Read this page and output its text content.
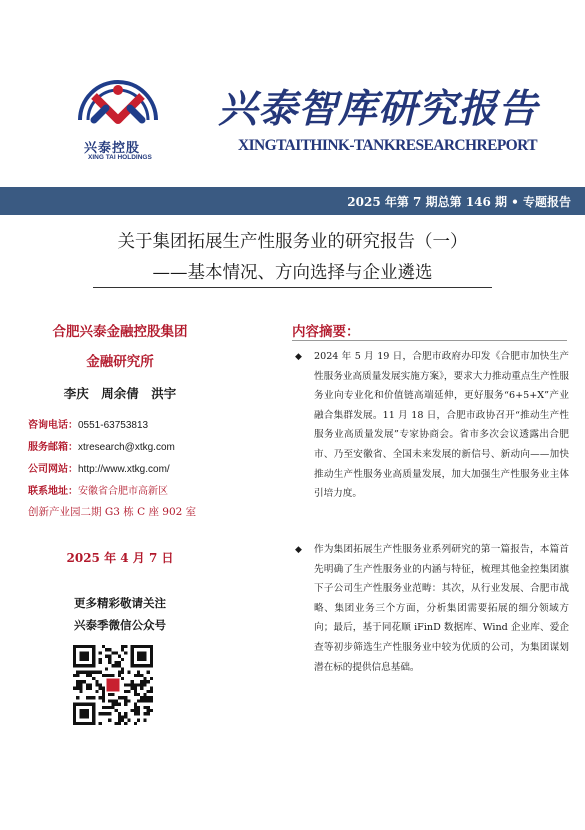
兴泰控股
XING TAI HOLDINGS
兴泰智库研究报告
XINGTAITHINK-TANKRESEARCHREPORT
2025 年第 7 期总第 146 期 • 专题报告
关于集团拓展生产性服务业的研究报告（一）
——基本情况、方向选择与企业遴选
合肥兴泰金融控股集团
金融研究所
李庆　周余倩　洪宇
咨询电话：0551-63753813
服务邮箱：xtresearch@xtkg.com
公司网站：http://www.xtkg.com/
联系地址：安徽省合肥市高新区
创新产业园二期 G3 栋 C 座 902 室
2025 年 4 月 7 日
更多精彩敬请关注
兴泰季微信公众号
内容摘要：
◆ 2024 年 5 月 19 日，合肥市政府办印发《合肥市加快生产性服务业高质量发展实施方案》，要求大力推动重点生产性服务业向专业化和价值链高端延伸，更好服务“6+5+X”产业融合集群发展。11 月 18 日，合肥市政协召开“推动生产性服务业高质量发展”专家协商会。省市多次会议透露出合肥市、乃至安徽省、全国未来发展的新信号、新动向——加快推动生产性服务业高质量发展，加大加强生产性服务业主体引培力度。
◆ 作为集团拓展生产性服务业系列研究的第一篇报告，本篇首先明确了生产性服务业的内涵与特征，梳理其他金控集团旗下子公司生产性服务业范畴：其次，从行业发展、合肥市战略、集团业务三个方面，分析集团需要拓展的细分领域方向；最后，基于同花顺 iFinD 数据库、Wind 企业库、爱企查等初步筛选生产性服务业中较为优质的公司，为集团谋划潜在标的提供信息基础。
